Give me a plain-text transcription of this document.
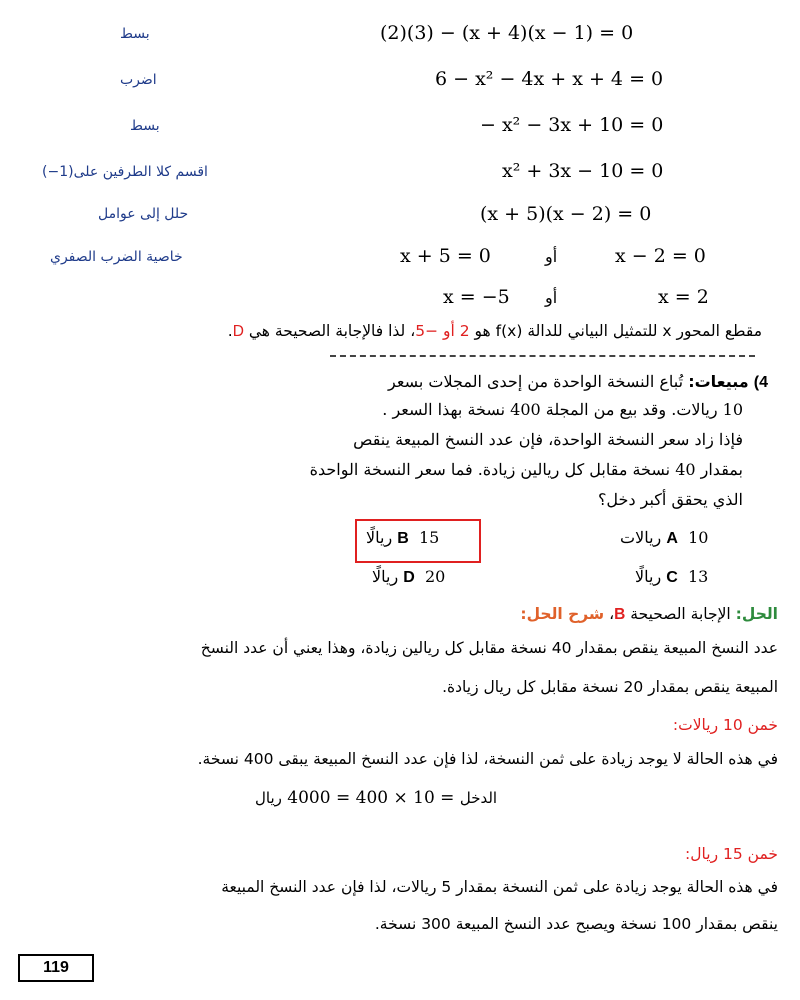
(2)(3) − (x + 4)(x − 1) = 0
بسط
6 − x² − 4x + x + 4 = 0
اضرب
− x² − 3x + 10 = 0
بسط
x² + 3x − 10 = 0
اقسم كلا الطرفين على(1−)
(x + 5)(x − 2) = 0
حلل إلى عوامل
x + 5 = 0	أو	x − 2 = 0
خاصية الضرب الصفري
x = −5 أو	x = 2
مقطع المحور x للتمثيل البياني للدالة f(x) هو 2 أو −5، لذا فالإجابة الصحيحة هي D.
4) مبيعات: تُباع النسخة الواحدة من إحدى المجلات بسعر
10 ريالات. وقد بيع من المجلة 400 نسخة بهذا السعر .
فإذا زاد سعر النسخة الواحدة، فإن عدد النسخ المبيعة ينقص
بمقدار 40 نسخة مقابل كل ريالين زيادة. فما سعر النسخة الواحدة
الذي يحقق أكبر دخل؟
A  10 ريالات
B  15 ريالًا
C  13 ريالًا
D  20 ريالًا
الحل: الإجابة الصحيحة B، شرح الحل:
عدد النسخ المبيعة ينقص بمقدار 40 نسخة مقابل كل ريالين زيادة، وهذا يعني أن عدد النسخ
المبيعة ينقص بمقدار 20 نسخة مقابل كل ريال زيادة.
خمن 10 ريالات:
في هذه الحالة لا يوجد زيادة على ثمن النسخة، لذا فإن عدد النسخ المبيعة يبقى 400 نسخة.
الدخل = 10 × 400 = 4000 ريال
خمن 15 ريال:
في هذه الحالة يوجد زيادة على ثمن النسخة بمقدار 5 ريالات، لذا فإن عدد النسخ المبيعة
ينقص بمقدار 100 نسخة ويصبح عدد النسخ المبيعة 300 نسخة.
119
